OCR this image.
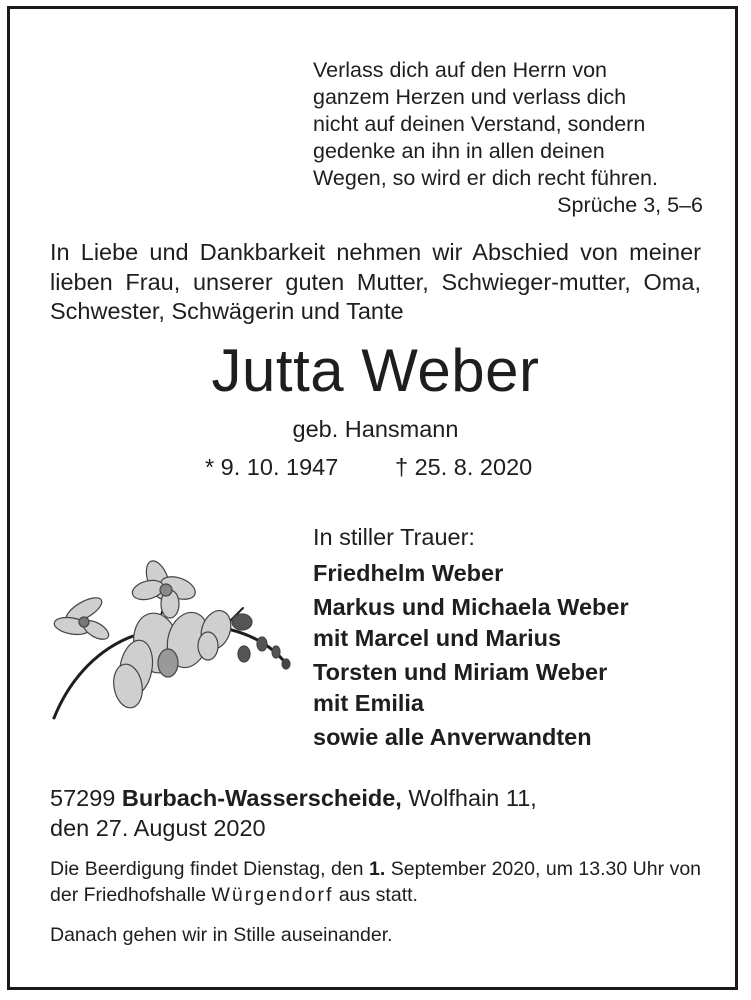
Verlass dich auf den Herrn von
ganzem Herzen und verlass dich
nicht auf deinen Verstand, sondern
gedenke an ihn in allen deinen
Wegen, so wird er dich recht führen.
Sprüche 3, 5–6
In Liebe und Dankbarkeit nehmen wir Abschied von meiner lieben Frau, unserer guten Mutter, Schwieger-mutter, Oma, Schwester, Schwägerin und Tante
Jutta Weber
geb. Hansmann
* 9. 10. 1947 † 25. 8. 2020
In stiller Trauer:
Friedhelm Weber
Markus und Michaela Weber
mit Marcel und Marius
Torsten und Miriam Weber
mit Emilia
sowie alle Anverwandten
57299 Burbach-Wasserscheide, Wolfhain 11,
den 27. August 2020
Die Beerdigung findet Dienstag, den 1. September 2020, um 13.30 Uhr von der Friedhofshalle Würgendorf aus statt.
Danach gehen wir in Stille auseinander.
